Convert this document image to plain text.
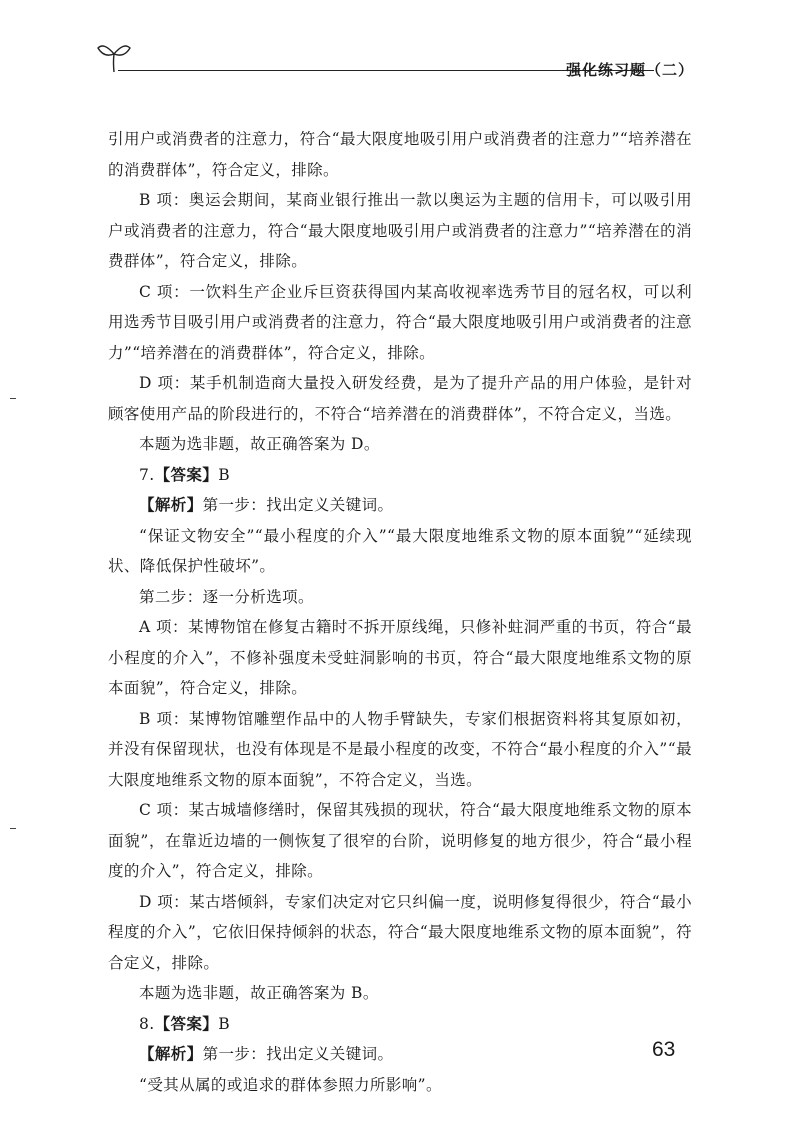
强化练习题（二）

引用户或消费者的注意力，符合“最大限度地吸引用户或消费者的注意力”“培养潜在的消费群体”，符合定义，排除。

B 项：奥运会期间，某商业银行推出一款以奥运为主题的信用卡，可以吸引用户或消费者的注意力，符合“最大限度地吸引用户或消费者的注意力”“培养潜在的消费群体”，符合定义，排除。

C 项：一饮料生产企业斥巨资获得国内某高收视率选秀节目的冠名权，可以利用选秀节目吸引用户或消费者的注意力，符合“最大限度地吸引用户或消费者的注意力”“培养潜在的消费群体”，符合定义，排除。

D 项：某手机制造商大量投入研发经费，是为了提升产品的用户体验，是针对顾客使用产品的阶段进行的，不符合“培养潜在的消费群体”，不符合定义，当选。

本题为选非题，故正确答案为 D。

7.【答案】B

【解析】第一步：找出定义关键词。

“保证文物安全”“最小程度的介入”“最大限度地维系文物的原本面貌”“延续现状、降低保护性破坏”。

第二步：逐一分析选项。

A 项：某博物馆在修复古籍时不拆开原线绳，只修补蛀洞严重的书页，符合“最小程度的介入”，不修补强度未受蛀洞影响的书页，符合“最大限度地维系文物的原本面貌”，符合定义，排除。

B 项：某博物馆雕塑作品中的人物手臂缺失，专家们根据资料将其复原如初，并没有保留现状，也没有体现是不是最小程度的改变，不符合“最小程度的介入”“最大限度地维系文物的原本面貌”，不符合定义，当选。

C 项：某古城墙修缮时，保留其残损的现状，符合“最大限度地维系文物的原本面貌”，在靠近边墙的一侧恢复了很窄的台阶，说明修复的地方很少，符合“最小程度的介入”，符合定义，排除。

D 项：某古塔倾斜，专家们决定对它只纠偏一度，说明修复得很少，符合“最小程度的介入”，它依旧保持倾斜的状态，符合“最大限度地维系文物的原本面貌”，符合定义，排除。

本题为选非题，故正确答案为 B。

8.【答案】B

【解析】第一步：找出定义关键词。

“受其从属的或追求的群体参照力所影响”。

63
